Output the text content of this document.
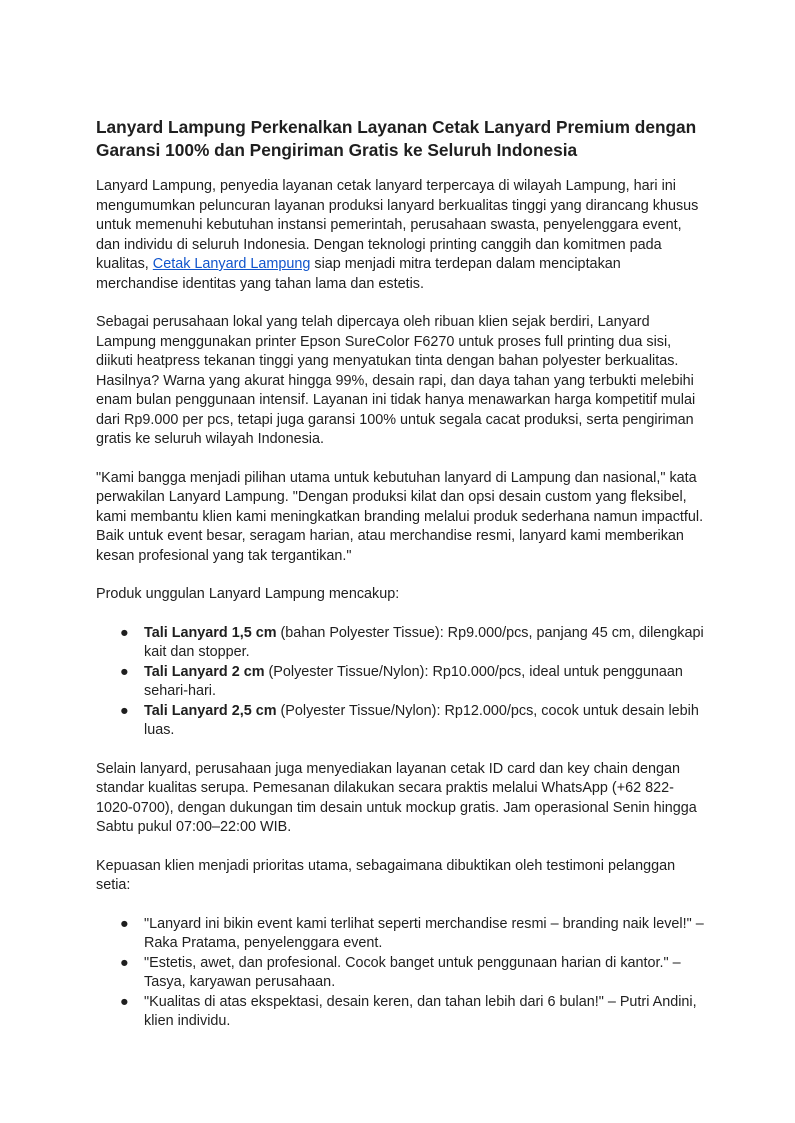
Lanyard Lampung Perkenalkan Layanan Cetak Lanyard Premium dengan Garansi 100% dan Pengiriman Gratis ke Seluruh Indonesia

Lanyard Lampung, penyedia layanan cetak lanyard terpercaya di wilayah Lampung, hari ini mengumumkan peluncuran layanan produksi lanyard berkualitas tinggi yang dirancang khusus untuk memenuhi kebutuhan instansi pemerintah, perusahaan swasta, penyelenggara event, dan individu di seluruh Indonesia. Dengan teknologi printing canggih dan komitmen pada kualitas, Cetak Lanyard Lampung siap menjadi mitra terdepan dalam menciptakan merchandise identitas yang tahan lama dan estetis.

Sebagai perusahaan lokal yang telah dipercaya oleh ribuan klien sejak berdiri, Lanyard Lampung menggunakan printer Epson SureColor F6270 untuk proses full printing dua sisi, diikuti heatpress tekanan tinggi yang menyatukan tinta dengan bahan polyester berkualitas. Hasilnya? Warna yang akurat hingga 99%, desain rapi, dan daya tahan yang terbukti melebihi enam bulan penggunaan intensif. Layanan ini tidak hanya menawarkan harga kompetitif mulai dari Rp9.000 per pcs, tetapi juga garansi 100% untuk segala cacat produksi, serta pengiriman gratis ke seluruh wilayah Indonesia.

"Kami bangga menjadi pilihan utama untuk kebutuhan lanyard di Lampung dan nasional," kata perwakilan Lanyard Lampung. "Dengan produksi kilat dan opsi desain custom yang fleksibel, kami membantu klien kami meningkatkan branding melalui produk sederhana namun impactful. Baik untuk event besar, seragam harian, atau merchandise resmi, lanyard kami memberikan kesan profesional yang tak tergantikan."

Produk unggulan Lanyard Lampung mencakup:

● Tali Lanyard 1,5 cm (bahan Polyester Tissue): Rp9.000/pcs, panjang 45 cm, dilengkapi kait dan stopper.
● Tali Lanyard 2 cm (Polyester Tissue/Nylon): Rp10.000/pcs, ideal untuk penggunaan sehari-hari.
● Tali Lanyard 2,5 cm (Polyester Tissue/Nylon): Rp12.000/pcs, cocok untuk desain lebih luas.

Selain lanyard, perusahaan juga menyediakan layanan cetak ID card dan key chain dengan standar kualitas serupa. Pemesanan dilakukan secara praktis melalui WhatsApp (+62 822-1020-0700), dengan dukungan tim desain untuk mockup gratis. Jam operasional Senin hingga Sabtu pukul 07:00–22:00 WIB.

Kepuasan klien menjadi prioritas utama, sebagaimana dibuktikan oleh testimoni pelanggan setia:

● "Lanyard ini bikin event kami terlihat seperti merchandise resmi – branding naik level!" – Raka Pratama, penyelenggara event.
● "Estetis, awet, dan profesional. Cocok banget untuk penggunaan harian di kantor." – Tasya, karyawan perusahaan.
● "Kualitas di atas ekspektasi, desain keren, dan tahan lebih dari 6 bulan!" – Putri Andini, klien individu.
